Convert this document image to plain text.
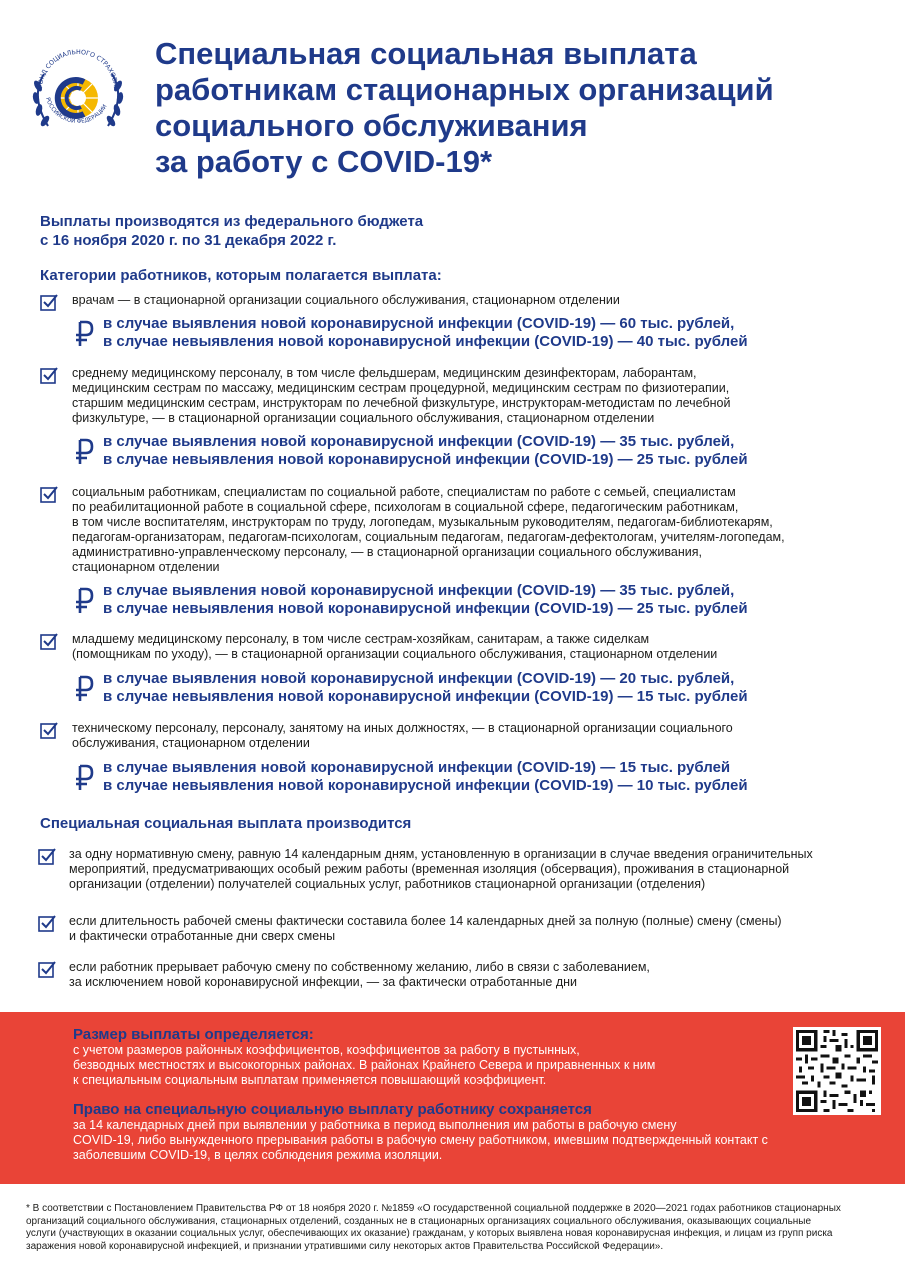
ФОНД СОЦИАЛЬНОГО СТРАХОВАН
РОССИЙСКОЙ ФЕДЕРАЦИИ
Специальная социальная выплата
работникам стационарных организаций
социального обслуживания
за работу с COVID-19*
Выплаты производятся из федерального бюджета
с 16 ноября 2020 г. по 31 декабря 2022 г.
Категории работников, которым полагается выплата:
врачам — в стационарной организации социального обслуживания, стационарном отделении
в случае выявления новой коронавирусной инфекции (COVID-19) — 60 тыс. рублей,
в случае невыявления новой коронавирусной инфекции (COVID-19) — 40 тыс. рублей
среднему медицинскому персоналу, в том числе фельдшерам, медицинским дезинфекторам, лаборантам,
медицинским сестрам по массажу, медицинским сестрам процедурной, медицинским сестрам по физиотерапии,
старшим медицинским сестрам, инструкторам по лечебной физкультуре, инструкторам-методистам по лечебной
физкультуре, — в стационарной организации социального обслуживания, стационарном отделении
в случае выявления новой коронавирусной инфекции (COVID-19) — 35 тыс. рублей,
в случае невыявления новой коронавирусной инфекции (COVID-19) — 25 тыс. рублей
социальным работникам, специалистам по социальной работе, специалистам по работе с семьей, специалистам
по реабилитационной работе в социальной сфере, психологам в социальной сфере, педагогическим работникам,
в том числе воспитателям, инструкторам по труду, логопедам, музыкальным руководителям, педагогам-библиотекарям,
педагогам-организаторам, педагогам-психологам, социальным педагогам, педагогам-дефектологам, учителям-логопедам,
административно-управленческому персоналу, — в стационарной организации социального обслуживания,
стационарном отделении
в случае выявления новой коронавирусной инфекции (COVID-19) — 35 тыс. рублей,
в случае невыявления новой коронавирусной инфекции (COVID-19) — 25 тыс. рублей
младшему медицинскому персоналу, в том числе сестрам-хозяйкам, санитарам, а также сиделкам
(помощникам по уходу), — в стационарной организации социального обслуживания, стационарном отделении
в случае выявления новой коронавирусной инфекции (COVID-19) — 20 тыс. рублей,
в случае невыявления новой коронавирусной инфекции (COVID-19) — 15 тыс. рублей
техническому персоналу, персоналу, занятому на иных должностях, — в стационарной организации социального
обслуживания, стационарном отделении
в случае выявления новой коронавирусной инфекции (COVID-19) — 15 тыс. рублей
в случае невыявления новой коронавирусной инфекции (COVID-19) — 10 тыс. рублей
Специальная социальная выплата производится
за одну нормативную смену, равную 14 календарным дням, установленную в организации в случае введения ограничительных
мероприятий, предусматривающих особый режим работы (временная изоляция (обсервация), проживания в стационарной
организации (отделении) получателей социальных услуг, работников стационарной организации (отделения)
если длительность рабочей смены фактически составила более 14 календарных дней за полную (полные) смену (смены)
и фактически отработанные дни сверх смены
если работник прерывает рабочую смену по собственному желанию, либо в связи с заболеванием,
за исключением новой коронавирусной инфекции, — за фактически отработанные дни
Размер выплаты определяется:
с учетом размеров районных коэффициентов, коэффициентов за работу в пустынных,
безводных местностях и высокогорных районах. В районах Крайнего Севера и приравненных к ним
к специальным социальным выплатам применяется повышающий коэффициент.
Право на специальную социальную выплату работнику сохраняется
за 14 календарных дней при выявлении у работника в период выполнения им работы в рабочую смену
COVID-19, либо вынужденного прерывания работы в рабочую смену работником, имевшим подтвержденный контакт с
заболевшим COVID-19, в целях соблюдения режима изоляции.
* В соответствии с Постановлением Правительства РФ от 18 ноября 2020 г. №1859 «О государственной социальной поддержке в 2020—2021 годах работников стационарных
организаций социального обслуживания, стационарных отделений, созданных не в стационарных организациях социального обслуживания, оказывающих социальные
услуги (участвующих в оказании социальных услуг, обеспечивающих их оказание) гражданам, у которых выявлена новая коронавирусная инфекция, и лицам из групп риска
заражения новой коронавирусной инфекцией, и признании утратившими силу некоторых актов Правительства Российской Федерации».
